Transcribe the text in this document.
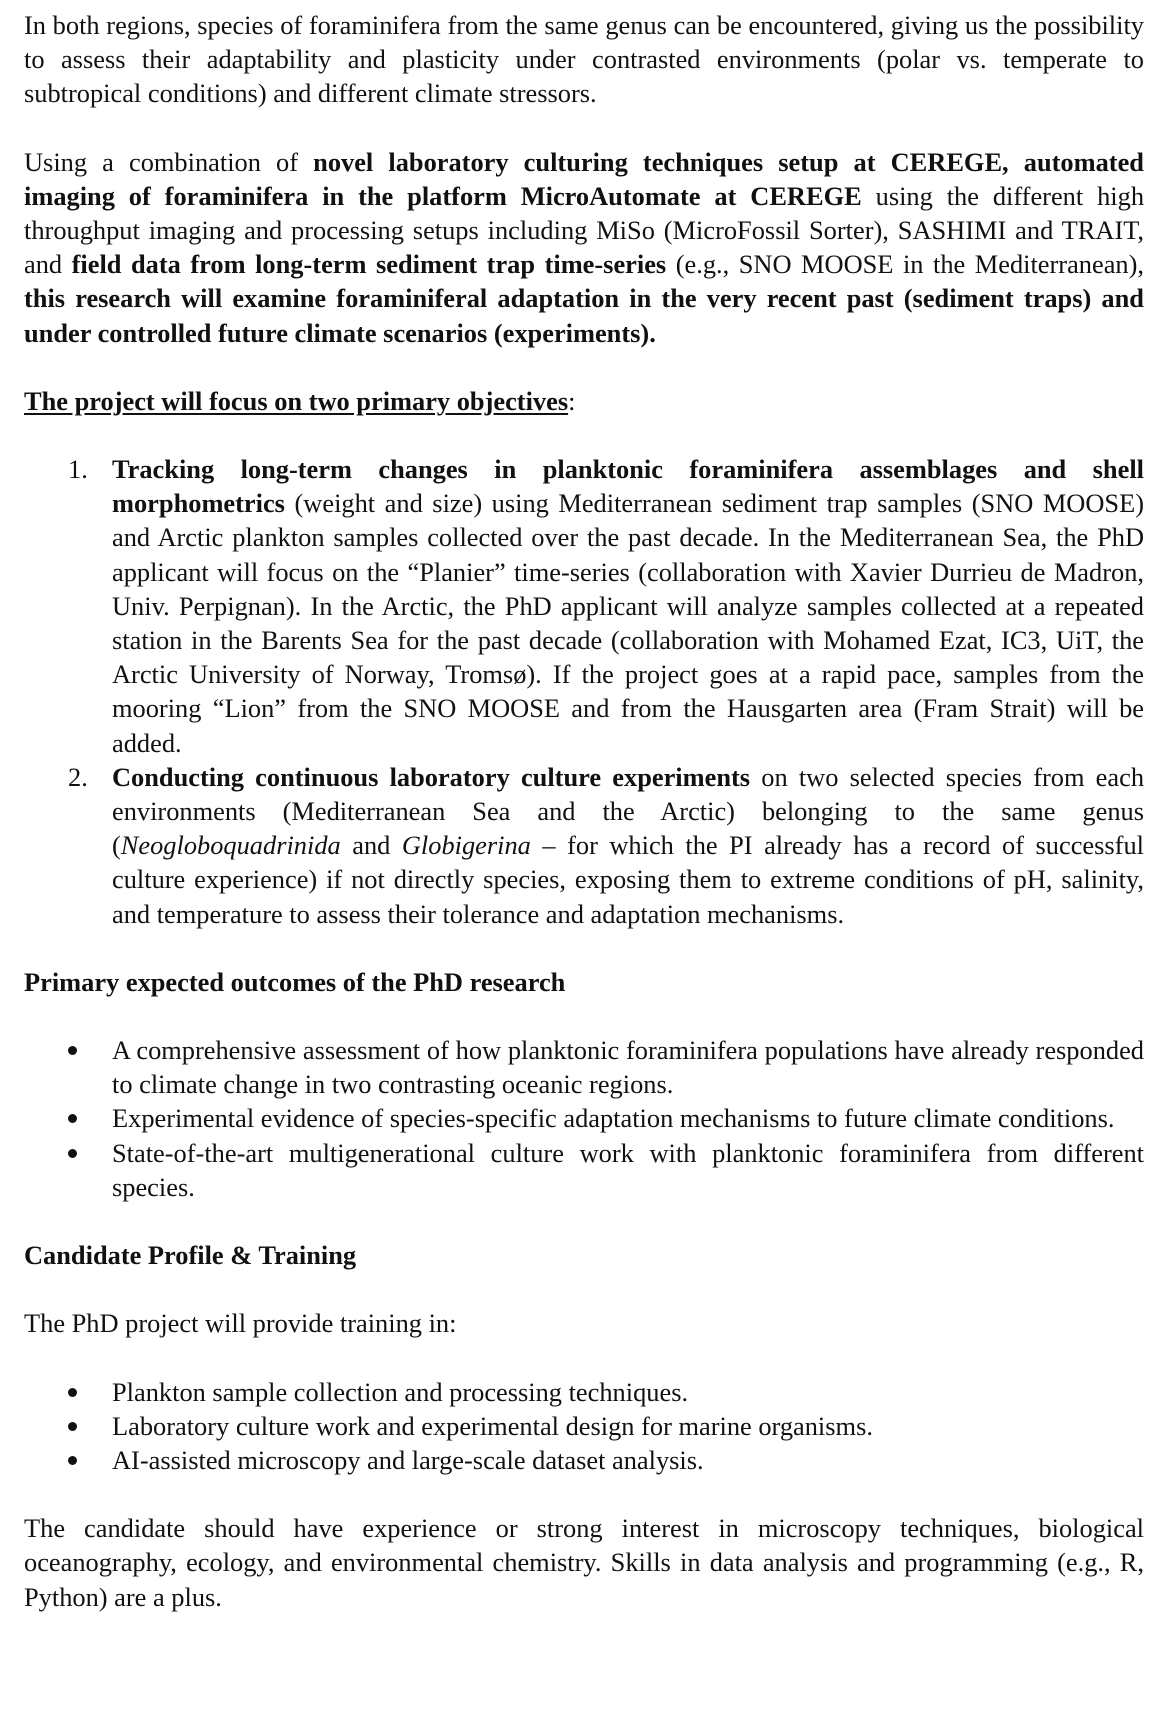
In both regions, species of foraminifera from the same genus can be encountered, giving us the possibility to assess their adaptability and plasticity under contrasted environments (polar vs. temperate to subtropical conditions) and different climate stressors.

Using a combination of novel laboratory culturing techniques setup at CEREGE, automated imaging of foraminifera in the platform MicroAutomate at CEREGE using the different high throughput imaging and processing setups including MiSo (MicroFossil Sorter), SASHIMI and TRAIT, and field data from long-term sediment trap time-series (e.g., SNO MOOSE in the Mediterranean), this research will examine foraminiferal adaptation in the very recent past (sediment traps) and under controlled future climate scenarios (experiments).

The project will focus on two primary objectives:

1. Tracking long-term changes in planktonic foraminifera assemblages and shell morphometrics (weight and size) using Mediterranean sediment trap samples (SNO MOOSE) and Arctic plankton samples collected over the past decade. In the Mediterranean Sea, the PhD applicant will focus on the “Planier” time-series (collaboration with Xavier Durrieu de Madron, Univ. Perpignan). In the Arctic, the PhD applicant will analyze samples collected at a repeated station in the Barents Sea for the past decade (collaboration with Mohamed Ezat, IC3, UiT, the Arctic University of Norway, Tromsø). If the project goes at a rapid pace, samples from the mooring “Lion” from the SNO MOOSE and from the Hausgarten area (Fram Strait) will be added.
2. Conducting continuous laboratory culture experiments on two selected species from each environments (Mediterranean Sea and the Arctic) belonging to the same genus (Neogloboquadrinida and Globigerina – for which the PI already has a record of successful culture experience) if not directly species, exposing them to extreme conditions of pH, salinity, and temperature to assess their tolerance and adaptation mechanisms.

Primary expected outcomes of the PhD research

A comprehensive assessment of how planktonic foraminifera populations have already responded to climate change in two contrasting oceanic regions.
Experimental evidence of species-specific adaptation mechanisms to future climate conditions.
State-of-the-art multigenerational culture work with planktonic foraminifera from different species.

Candidate Profile & Training

The PhD project will provide training in:

Plankton sample collection and processing techniques.
Laboratory culture work and experimental design for marine organisms.
AI-assisted microscopy and large-scale dataset analysis.

The candidate should have experience or strong interest in microscopy techniques, biological oceanography, ecology, and environmental chemistry. Skills in data analysis and programming (e.g., R, Python) are a plus.
